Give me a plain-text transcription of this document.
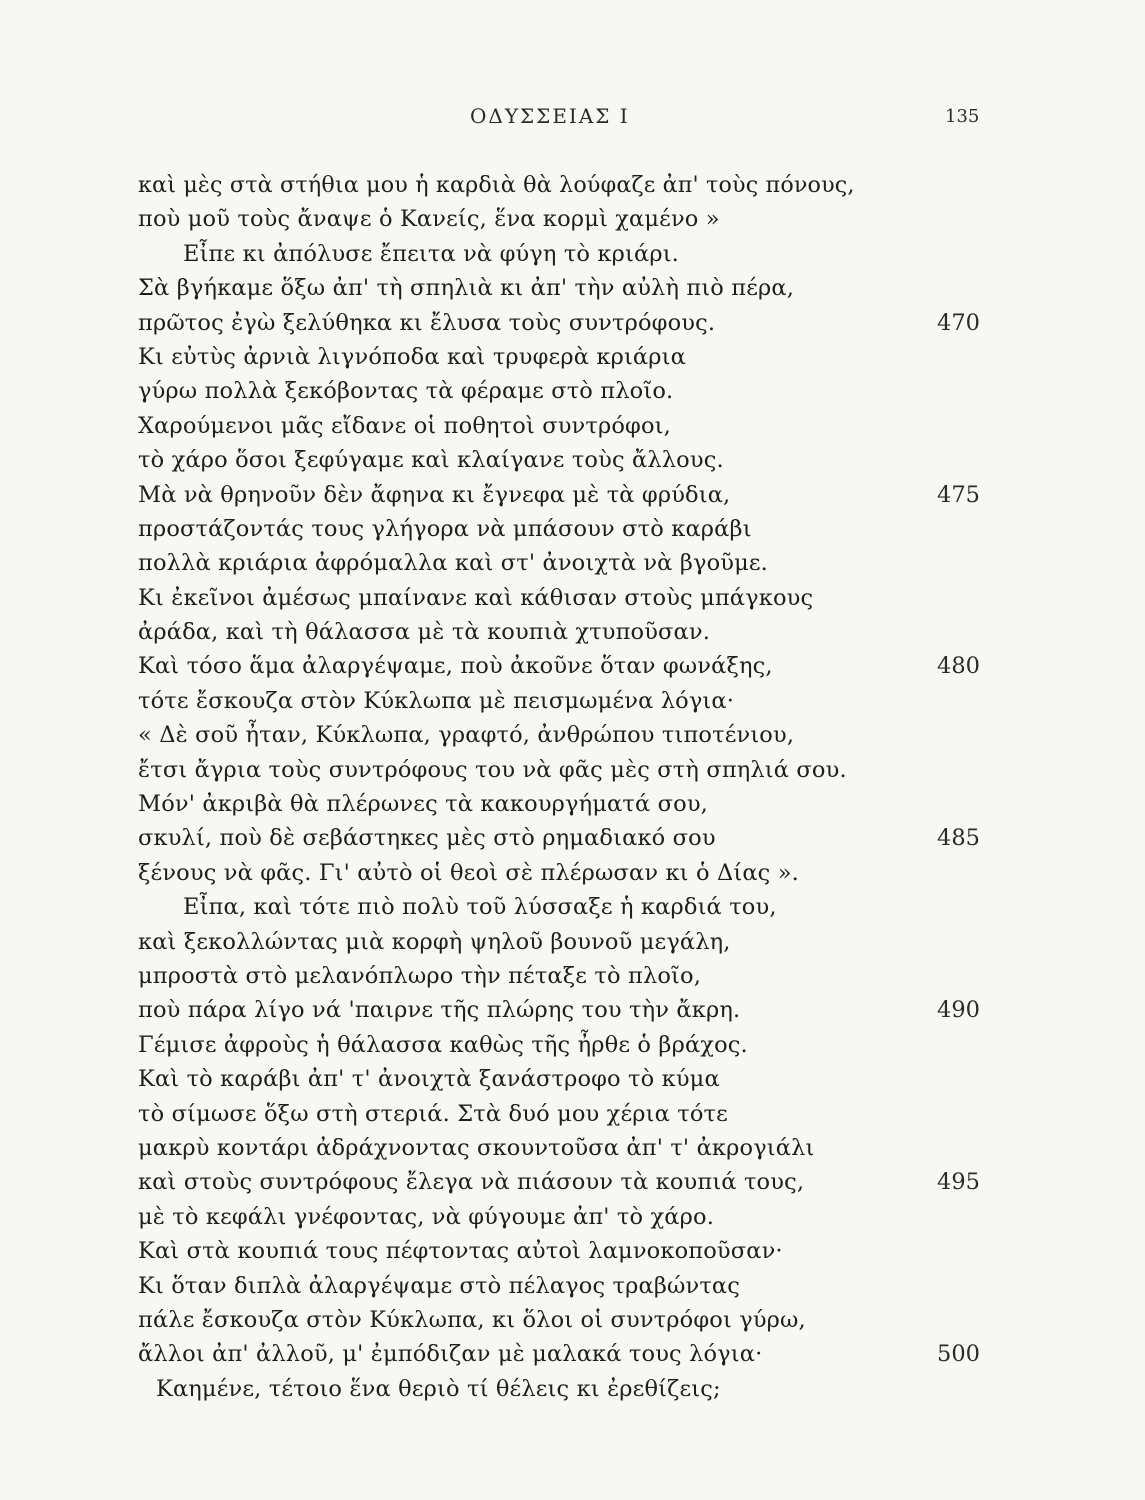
ΟΔΥΣΣΕΙΑΣ Ι	135
καὶ μὲς στὰ στήθια μου ἡ καρδιὰ θὰ λούφαζε ἀπ' τοὺς πόνους,
ποὺ μοῦ τοὺς ἄναψε ὁ Κανείς, ἕνα κορμὶ χαμένο »
Εἶπε κι ἀπόλυσε ἔπειτα νὰ φύγη τὸ κριάρι.
Σὰ βγήκαμε ὅξω ἀπ' τὴ σπηλιὰ κι ἀπ' τὴν αὐλὴ πιὸ πέρα,
πρῶτος ἐγὼ ξελύθηκα κι ἔλυσα τοὺς συντρόφους.	470
Κι εὐτὺς ἀρνιὰ λιγνόποδα καὶ τρυφερὰ κριάρια
γύρω πολλὰ ξεκόβοντας τὰ φέραμε στὸ πλοῖο.
Χαρούμενοι μᾶς εἴδανε οἱ ποθητοὶ συντρόφοι,
τὸ χάρο ὅσοι ξεφύγαμε καὶ κλαίγανε τοὺς ἄλλους.
Μὰ νὰ θρηνοῦν δὲν ἄφηνα κι ἔγνεφα μὲ τὰ φρύδια,	475
προστάζοντάς τους γλήγορα νὰ μπάσουν στὸ καράβι
πολλὰ κριάρια ἀφρόμαλλα καὶ στ' ἀνοιχτὰ νὰ βγοῦμε.
Κι ἐκεῖνοι ἀμέσως μπαίνανε καὶ κάθισαν στοὺς μπάγκους
ἀράδα, καὶ τὴ θάλασσα μὲ τὰ κουπιὰ χτυποῦσαν.
Καὶ τόσο ἅμα ἀλαργέψαμε, ποὺ ἀκοῦνε ὅταν φωνάξης,	480
τότε ἔσκουζα στὸν Κύκλωπα μὲ πεισμωμένα λόγια·
« Δὲ σοῦ ἦταν, Κύκλωπα, γραφτό, ἀνθρώπου τιποτένιου,
ἔτσι ἄγρια τοὺς συντρόφους του νὰ φᾶς μὲς στὴ σπηλιά σου.
Μόν' ἀκριβὰ θὰ πλέρωνες τὰ κακουργήματά σου,
σκυλί, ποὺ δὲ σεβάστηκες μὲς στὸ ρημαδιακό σου	485
ξένους νὰ φᾶς. Γι' αὐτὸ οἱ θεοὶ σὲ πλέρωσαν κι ὁ Δίας ».
Εἶπα, καὶ τότε πιὸ πολὺ τοῦ λύσσαξε ἡ καρδιά του,
καὶ ξεκολλώντας μιὰ κορφὴ ψηλοῦ βουνοῦ μεγάλη,
μπροστὰ στὸ μελανόπλωρο τὴν πέταξε τὸ πλοῖο,
ποὺ πάρα λίγο νά 'παιρνε τῆς πλώρης του τὴν ἄκρη.	490
Γέμισε ἀφροὺς ἡ θάλασσα καθὼς τῆς ἦρθε ὁ βράχος.
Καὶ τὸ καράβι ἀπ' τ' ἀνοιχτὰ ξανάστροφο τὸ κύμα
τὸ σίμωσε ὅξω στὴ στεριά. Στὰ δυό μου χέρια τότε
μακρὺ κοντάρι ἀδράχνοντας σκουντοῦσα ἀπ' τ' ἀκρογιάλι
καὶ στοὺς συντρόφους ἔλεγα νὰ πιάσουν τὰ κουπιά τους,	495
μὲ τὸ κεφάλι γνέφοντας, νὰ φύγουμε ἀπ' τὸ χάρο.
Καὶ στὰ κουπιά τους πέφτοντας αὐτοὶ λαμνοκοποῦσαν·
Κι ὅταν διπλὰ ἀλαργέψαμε στὸ πέλαγος τραβώντας
πάλε ἔσκουζα στὸν Κύκλωπα, κι ὅλοι οἱ συντρόφοι γύρω,
ἄλλοι ἀπ' ἀλλοῦ, μ' ἐμπόδιζαν μὲ μαλακά τους λόγια·	500
Καημένε, τέτοιο ἕνα θεριὸ τί θέλεις κι ἐρεθίζεις;
